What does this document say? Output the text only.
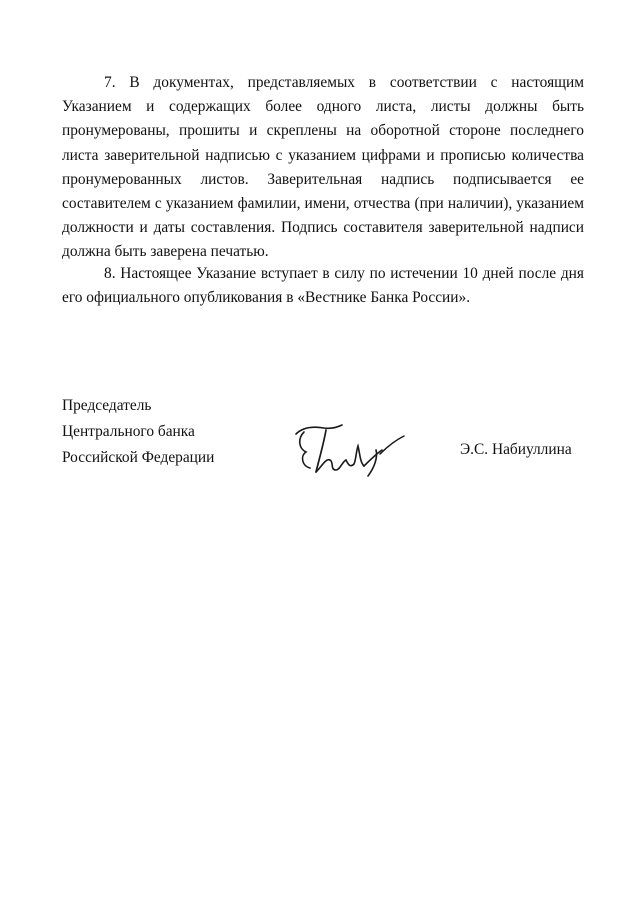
7. В документах, представляемых в соответствии с настоящим Указанием и содержащих более одного листа, листы должны быть пронумерованы, прошиты и скреплены на оборотной стороне последнего листа заверительной надписью с указанием цифрами и прописью количества пронумерованных листов. Заверительная надпись подписывается ее составителем с указанием фамилии, имени, отчества (при наличии), указанием должности и даты составления. Подпись составителя заверительной надписи должна быть заверена печатью.

8. Настоящее Указание вступает в силу по истечении 10 дней после дня его официального опубликования в «Вестнике Банка России».

Председатель
Центрального банка
Российской Федерации	Э.С. Набиуллина
